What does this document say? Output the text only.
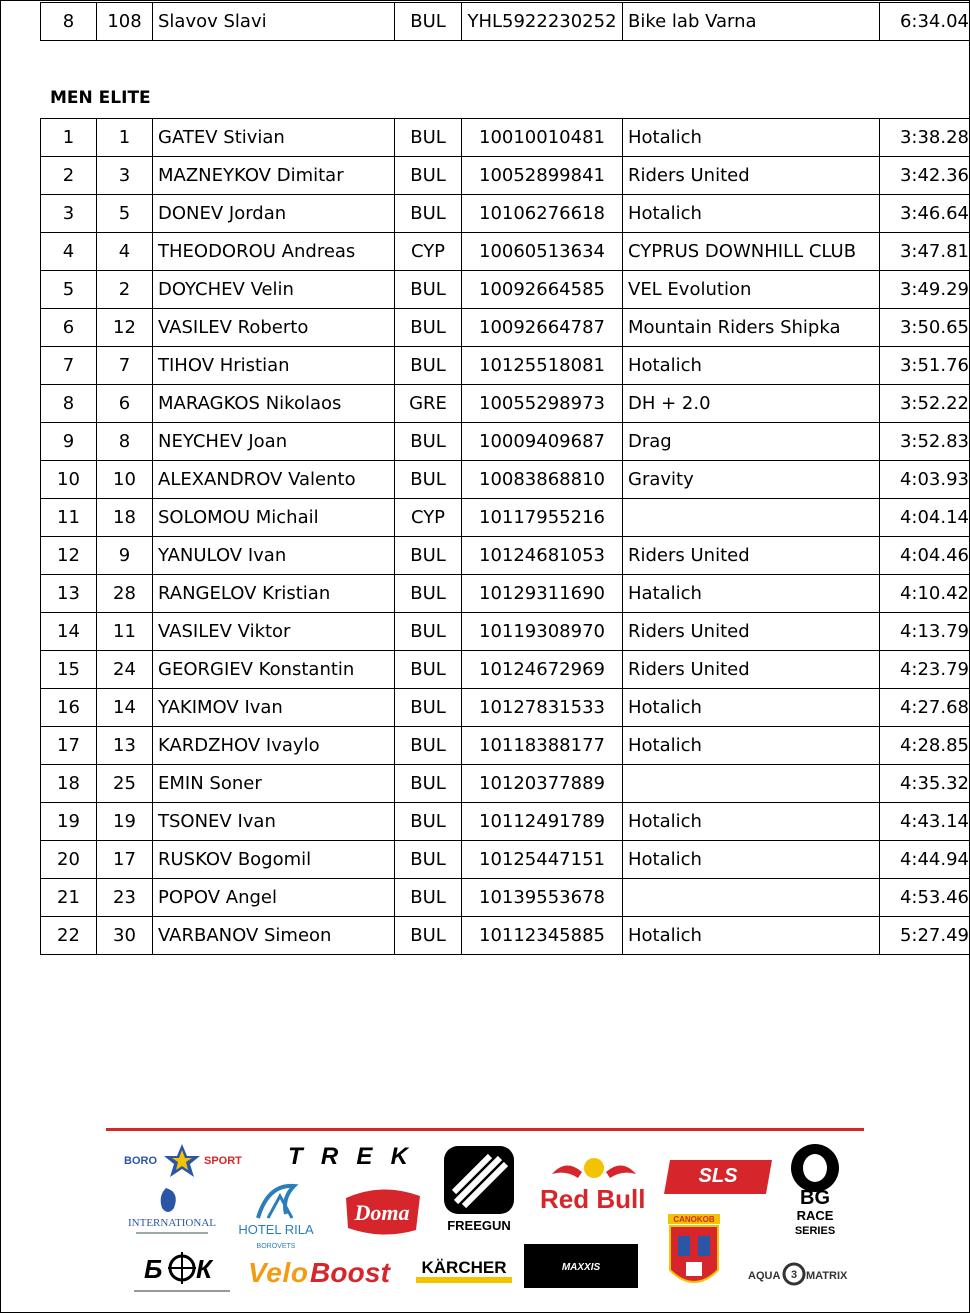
8	108	Slavov Slavi	BUL	YHL5922230252	Bike lab Varna	6:34.04
MEN ELITE
1	1	GATEV Stivian	BUL	10010010481	Hotalich	3:38.28
2	3	MAZNEYKOV Dimitar	BUL	10052899841	Riders United	3:42.36
3	5	DONEV Jordan	BUL	10106276618	Hotalich	3:46.64
4	4	THEODOROU Andreas	CYP	10060513634	CYPRUS DOWNHILL CLUB	3:47.81
5	2	DOYCHEV Velin	BUL	10092664585	VEL Evolution	3:49.29
6	12	VASILEV Roberto	BUL	10092664787	Mountain Riders Shipka	3:50.65
7	7	TIHOV Hristian	BUL	10125518081	Hotalich	3:51.76
8	6	MARAGKOS Nikolaos	GRE	10055298973	DH + 2.0	3:52.22
9	8	NEYCHEV Joan	BUL	10009409687	Drag	3:52.83
10	10	ALEXANDROV Valento	BUL	10083868810	Gravity	4:03.93
11	18	SOLOMOU Michail	CYP	10117955216		4:04.14
12	9	YANULOV Ivan	BUL	10124681053	Riders United	4:04.46
13	28	RANGELOV Kristian	BUL	10129311690	Hatalich	4:10.42
14	11	VASILEV Viktor	BUL	10119308970	Riders United	4:13.79
15	24	GEORGIEV Konstantin	BUL	10124672969	Riders United	4:23.79
16	14	YAKIMOV Ivan	BUL	10127831533	Hotalich	4:27.68
17	13	KARDZHOV Ivaylo	BUL	10118388177	Hotalich	4:28.85
18	25	EMIN Soner	BUL	10120377889		4:35.32
19	19	TSONEV Ivan	BUL	10112491789	Hotalich	4:43.14
20	17	RUSKOV Bogomil	BUL	10125447151	Hotalich	4:44.94
21	23	POPOV Angel	BUL	10139553678		4:53.46
22	30	VARBANOV Simeon	BUL	10112345885	Hotalich	5:27.49
BORO	SPORT TREK
FREEGUN
Red Bull
SLS
BG
RACE
SERIES
INTERNATIONAL HOTEL RILA
BOROVETS
Doma	CANOKOB
Б К Velo Boost KÄRCHER	MAXXIS
AQUA 3 MATRIX
